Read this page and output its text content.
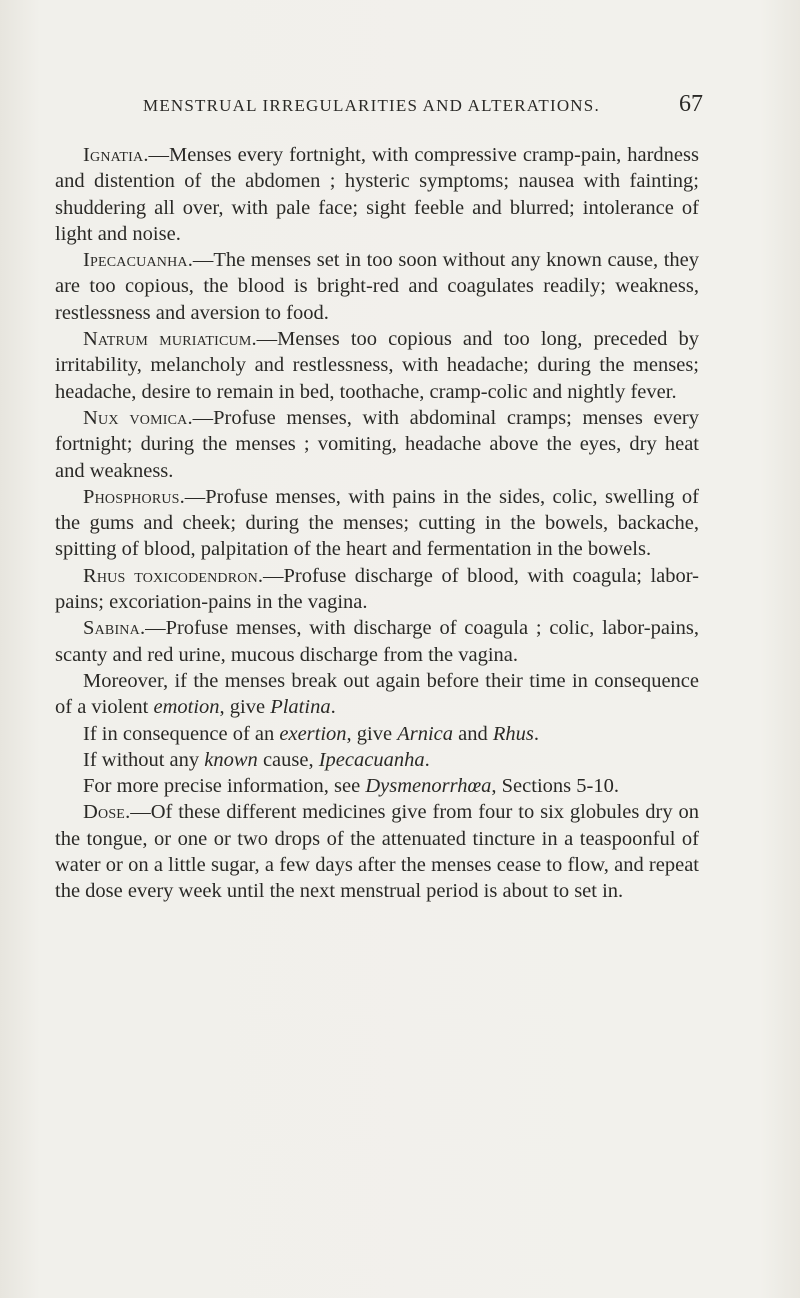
MENSTRUAL IRREGULARITIES AND ALTERATIONS.	67

Ignatia.—Menses every fortnight, with compressive cramp-pain, hardness and distention of the abdomen ; hysteric symptoms; nausea with fainting; shuddering all over, with pale face; sight feeble and blurred; intolerance of light and noise.

Ipecacuanha.—The menses set in too soon without any known cause, they are too copious, the blood is bright-red and coagulates readily; weakness, restlessness and aversion to food.

Natrum muriaticum.—Menses too copious and too long, preceded by irritability, melancholy and restlessness, with headache; during the menses; headache, desire to remain in bed, toothache, cramp-colic and nightly fever.

Nux vomica.—Profuse menses, with abdominal cramps; menses every fortnight; during the menses ; vomiting, headache above the eyes, dry heat and weakness.

Phosphorus.—Profuse menses, with pains in the sides, colic, swelling of the gums and cheek; during the menses; cutting in the bowels, backache, spitting of blood, palpitation of the heart and fermentation in the bowels.

Rhus toxicodendron.—Profuse discharge of blood, with coagula; labor-pains; excoriation-pains in the vagina.

Sabina.—Profuse menses, with discharge of coagula ; colic, labor-pains, scanty and red urine, mucous discharge from the vagina.

Moreover, if the menses break out again before their time in consequence of a violent emotion, give Platina.

If in consequence of an exertion, give Arnica and Rhus.

If without any known cause, Ipecacuanha.

For more precise information, see Dysmenorrhœa, Sections 5-10.

Dose.—Of these different medicines give from four to six globules dry on the tongue, or one or two drops of the attenuated tincture in a teaspoonful of water or on a little sugar, a few days after the menses cease to flow, and repeat the dose every week until the next menstrual period is about to set in.
